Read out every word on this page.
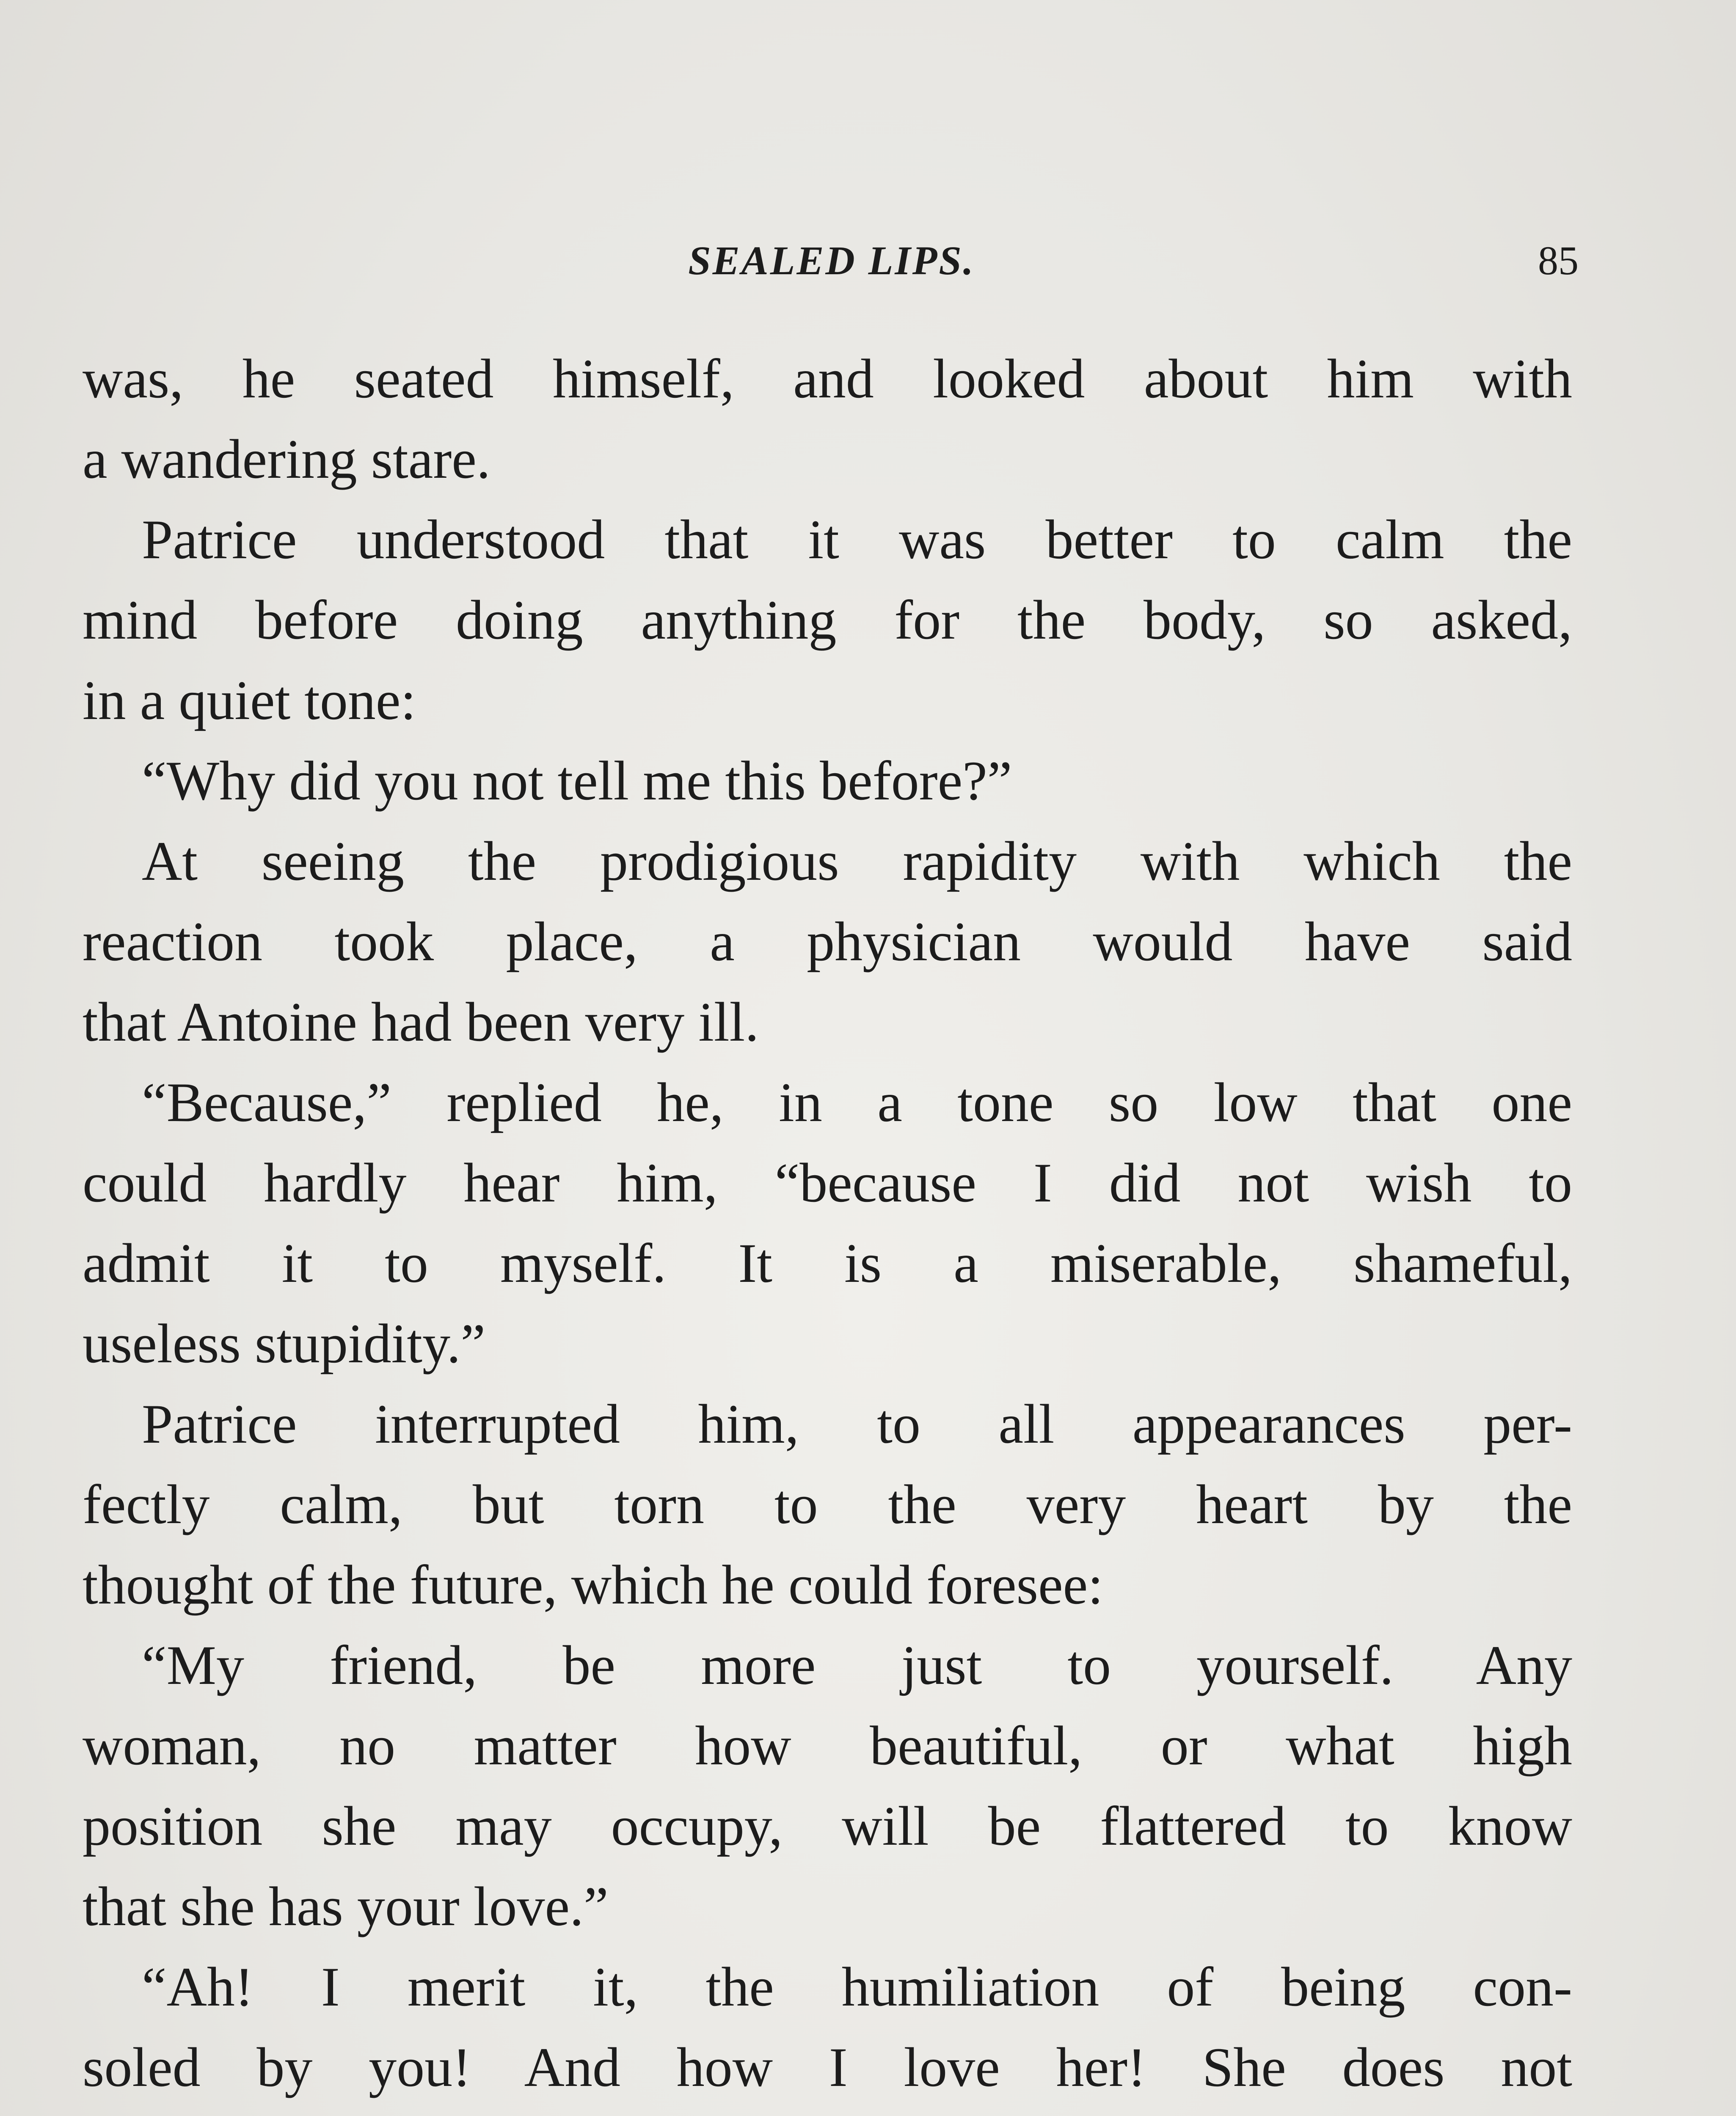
SEALED LIPS.	85
was, he seated himself, and looked about him with
a wandering stare.
Patrice understood that it was better to calm the
mind before doing anything for the body, so asked,
in a quiet tone:
“Why did you not tell me this before?”
At seeing the prodigious rapidity with which the
reaction took place, a physician would have said
that Antoine had been very ill.
“Because,” replied he, in a tone so low that one
could hardly hear him, “because I did not wish to
admit it to myself. It is a miserable, shameful,
useless stupidity.”
Patrice interrupted him, to all appearances per-
fectly calm, but torn to the very heart by the
thought of the future, which he could foresee:
“My friend, be more just to yourself. Any
woman, no matter how beautiful, or what high
position she may occupy, will be flattered to know
that she has your love.”
“Ah! I merit it, the humiliation of being con-
soled by you! And how I love her! She does not
